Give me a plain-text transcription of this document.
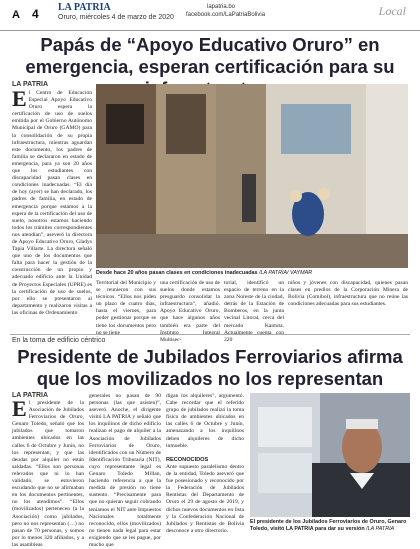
A 4 LA PATRIA
Oruro, miércoles 4 de marzo de 2020
lapatria.bo
facebook.com/LaPatriaBolivia	Local
Papás de “Apoyo Educativo Oruro” en emergencia, esperan certificación para su
LA PATRIA
El Centro de Educación Especial Apoyo Educativo Oruro espera la certificación de uso de suelos emitida por el Gobierno Autónomo Municipal de Oruro (GAMO) para la consolidación de su propia infraestructura, mientras aguardan este documento, los padres de familia se declararon en estado de emergencia, para ya son 20 años que los estudiantes con discapacidad pasan clases en condiciones inadecuadas. “El día de hoy (ayer) se han declarado, los padres de familia, en estado de emergencia porque estamos a la espera de la certificación del uso de suelo, nosotros estamos haciendo todos los trámites correspondientes nos atendían”, aseveró la directora de Apoyo Educativo Oruro, Gladys Tapia Villarte. La directora señaló que uno de los documentos que falta para hacer la gestión de la construcción de un propio y adecuado edificio ante la Unidad de Proyectos Especiales (UPRE) es la certificación de uso de suelos, por ello se presentaron al departamento y realizaron visitas a las oficinas de Ordenamiento
Desde hace 20 años pasan clases en condiciones inadecuadas /LA PATRIA/ VAYMAR
Territorial del Municipio y se reunieron con sus técnicos. “Ellos nos piden un plazo de cuatro días, hasta el viernes, para poder gestionar porque se tiene los documentos pero no se tiene
una certificación de uso de suelos donde estamos presguardo consolidar la infraestructura”, añadió. Apoyo Educativo Oruro, que hace algunos años también era parte del Instituto Integral Multisec-
torial, identificó un espacio de terreno en la zona Noreste de la ciudad, detrás de la Estación de Bomberos, en la junta vecinal Litoral, cerca del mercado Kantuta. Actualmente cuenta con 220
niños y jóvenes con discapacidad, quienes pasan clases en predios de la Corporación Minera de Bolivia (Comibol), infraestructura que no reúne las condiciones adecuadas para sus estudiantes.
En la toma de edificio céntrico
Presidente de Jubilados Ferroviarios afirma que los movilizados no los representan
LA PATRIA
El presidente de la Asociación de Jubilados Ferroviarios de Oruro, Genaro Toledo, señaló que los jubilados que tomaron ambientes ubicados en las calles 6 de Octubre y Junín, no los representan, y que las deudas por alquiler no están saldadas. “Ellos son personas relevados que ni lo han validado, se estuvieron escudando que no se afirmaban en los documentos pertinentes, no los atendimos”. “Ellos (movilizados) pertenecen (a la Asociación) como jubilados, pero no nos representan (…) no pasan de 70 personas, y somos por lo menos 320 afiliados, y a las asambleas
generales no pasan de 90 personas (las que asisten)”, aseveró. Anoche, el dirigente visitó LA PATRIA y señaló que los inquilinos de dicho edificio realizan el pago de alquiler a la Asociación de Jubilados Ferroviarios de Oruro, identificados con un Número de Identificación Tributaria (NIT), cuyo representante legal es Genaro Toledo Millan, haciendo referencia a que la medida de presión no tiene sustento. “Precisamente para que no quieran seguir cobrando teníamos el NIT ante Impuestos Nacionales totalmente reconocido, ellos (movilizados) no tienen nada legal para estar exigiendo que se les pague, por mucho que
digan los alquileres”, argumentó. Cabe recordar que el referido grupo de jubilados realizó la toma física de ambientes ubicados en las calles 6 de Octubre y Junín, amenazando a los inquilinos deben alquileres de dicho inmueble.

RECONOCIDOS
Ante supuesto paralelismo dentro de la entidad, Toledo aseveró que fue posesionado y reconocido por la Federación de Jubilados Rentistas del Departamento de Oruro el 29 de agosto de 2019, y dichos nuevos documentos en lista y la Confederación Nacional de Jubilados y Rentistas de Bolivia desconoce a otro directorio.
El presidente de los Jubilados Ferroviarios de Oruro, Genaro Toledo, visitó LA PATRIA para dar su versión /LA PATRIA
